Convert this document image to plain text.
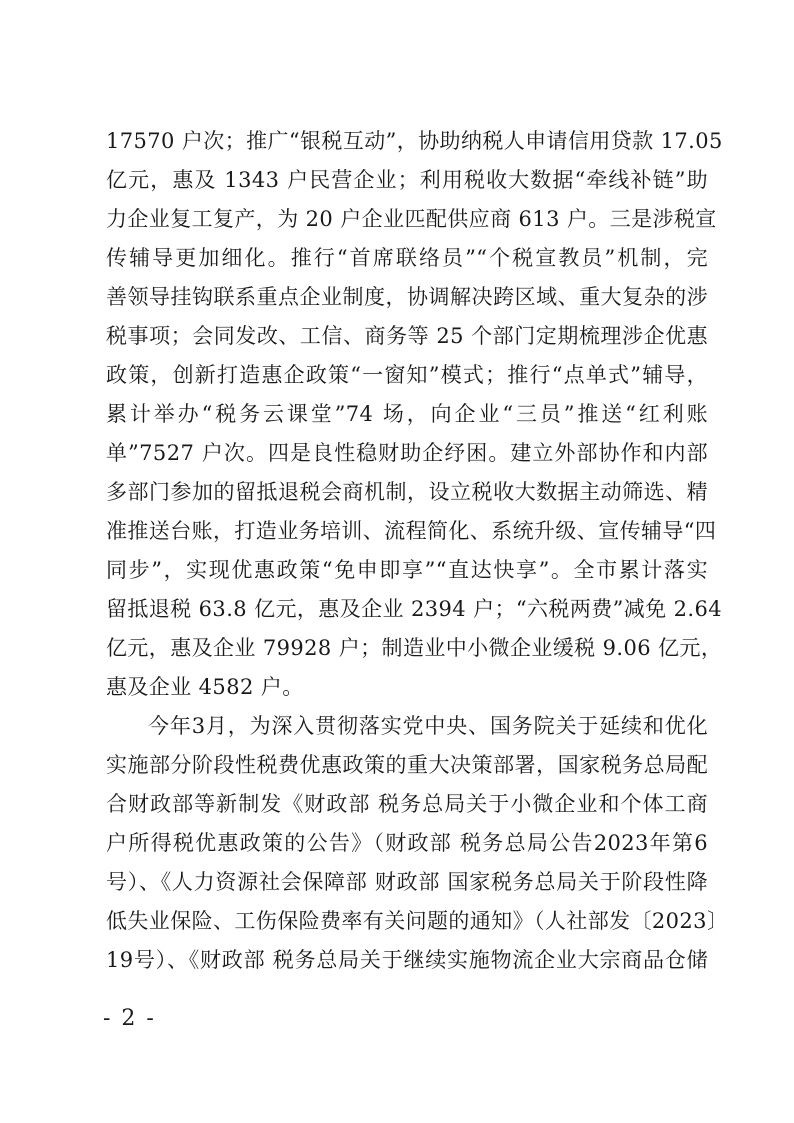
17570 户次；推广“银税互动”，协助纳税人申请信用贷款 17.05
亿元，惠及 1343 户民营企业；利用税收大数据“牵线补链”助
力企业复工复产，为 20 户企业匹配供应商 613 户。三是涉税宣
传辅导更加细化。推行“首席联络员”“个税宣教员”机制，完
善领导挂钩联系重点企业制度，协调解决跨区域、重大复杂的涉
税事项；会同发改、工信、商务等 25 个部门定期梳理涉企优惠
政策，创新打造惠企政策“一窗知”模式；推行“点单式”辅导，
累计举办“税务云课堂”74 场，向企业“三员”推送“红利账
单”7527 户次。四是良性稳财助企纾困。建立外部协作和内部
多部门参加的留抵退税会商机制，设立税收大数据主动筛选、精
准推送台账，打造业务培训、流程简化、系统升级、宣传辅导“四
同步”，实现优惠政策“免申即享”“直达快享”。全市累计落实
留抵退税 63.8 亿元，惠及企业 2394 户；“六税两费”减免 2.64
亿元，惠及企业 79928 户；制造业中小微企业缓税 9.06 亿元，
惠及企业 4582 户。
今年3月，为深入贯彻落实党中央、国务院关于延续和优化
实施部分阶段性税费优惠政策的重大决策部署，国家税务总局配
合财政部等新制发《财政部 税务总局关于小微企业和个体工商
户所得税优惠政策的公告》（财政部 税务总局公告2023年第6
号）、《人力资源社会保障部 财政部 国家税务总局关于阶段性降
低失业保险、工伤保险费率有关问题的通知》（人社部发〔2023〕
19号）、《财政部 税务总局关于继续实施物流企业大宗商品仓储
- 2 -
